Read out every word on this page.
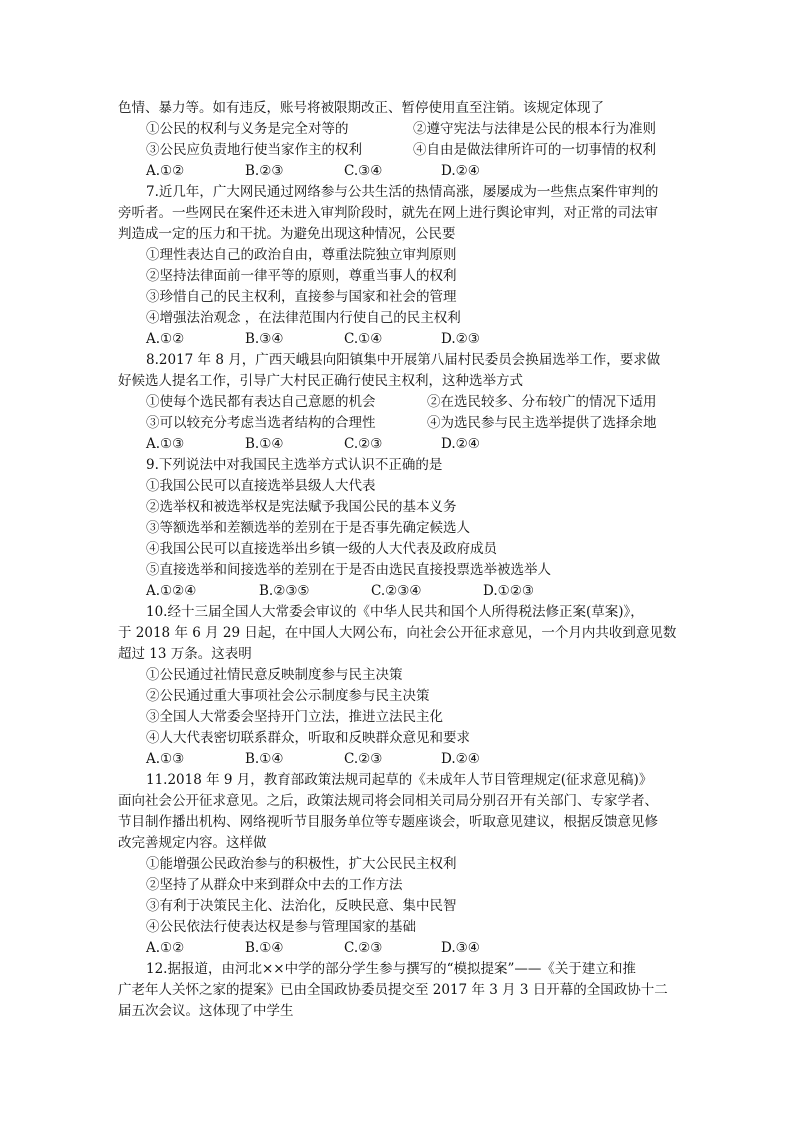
色情、暴力等。如有违反，账号将被限期改正、暂停使用直至注销。该规定体现了
①公民的权利与义务是完全对等的	②遵守宪法与法律是公民的根本行为准则
③公民应负责地行使当家作主的权利	④自由是做法律所许可的一切事情的权利
A.①②	B.②③	C.③④	D.②④
7.近几年，广大网民通过网络参与公共生活的热情高涨，屡屡成为一些焦点案件审判的
旁听者。一些网民在案件还未进入审判阶段时，就先在网上进行舆论审判，对正常的司法审
判造成一定的压力和干扰。为避免出现这种情况，公民要
①理性表达自己的政治自由，尊重法院独立审判原则
②坚持法律面前一律平等的原则，尊重当事人的权利
③珍惜自己的民主权利，直接参与国家和社会的管理
④增强法治观念 ，在法律范围内行使自己的民主权利
A.①②	B.③④	C.①④	D.②③
8.2017 年 8 月，广西天峨县向阳镇集中开展第八届村民委员会换届选举工作，要求做
好候选人提名工作，引导广大村民正确行使民主权利，这种选举方式
①使每个选民都有表达自己意愿的机会	②在选民较多、分布较广的情况下适用
③可以较充分考虑当选者结构的合理性	④为选民参与民主选举提供了选择余地
A.①③	B.①④	C.②③	D.②④
9.下列说法中对我国民主选举方式认识不正确的是
①我国公民可以直接选举县级人大代表
②选举权和被选举权是宪法赋予我国公民的基本义务
③等额选举和差额选举的差别在于是否事先确定候选人
④我国公民可以直接选举出乡镇一级的人大代表及政府成员
⑤直接选举和间接选举的差别在于是否由选民直接投票选举被选举人
A.①②④	B.②③⑤	C.②③④	D.①②③
10.经十三届全国人大常委会审议的《中华人民共和国个人所得税法修正案(草案)》，
于 2018 年 6 月 29 日起，在中国人大网公布，向社会公开征求意见，一个月内共收到意见数
超过 13 万条。这表明
①公民通过社情民意反映制度参与民主决策
②公民通过重大事项社会公示制度参与民主决策
③全国人大常委会坚持开门立法，推进立法民主化
④人大代表密切联系群众，听取和反映群众意见和要求
A.①③	B.①④	C.②③	D.②④
11.2018 年 9 月，教育部政策法规司起草的《未成年人节目管理规定(征求意见稿)》
面向社会公开征求意见。之后，政策法规司将会同相关司局分别召开有关部门、专家学者、
节目制作播出机构、网络视听节目服务单位等专题座谈会，听取意见建议，根据反馈意见修
改完善规定内容。这样做
①能增强公民政治参与的积极性，扩大公民民主权利
②坚持了从群众中来到群众中去的工作方法
③有利于决策民主化、法治化，反映民意、集中民智
④公民依法行使表达权是参与管理国家的基础
A.①②	B.①④	C.②③	D.③④
12.据报道，由河北××中学的部分学生参与撰写的“模拟提案”——《关于建立和推
广老年人关怀之家的提案》已由全国政协委员提交至 2017 年 3 月 3 日开幕的全国政协十二
届五次会议。这体现了中学生
